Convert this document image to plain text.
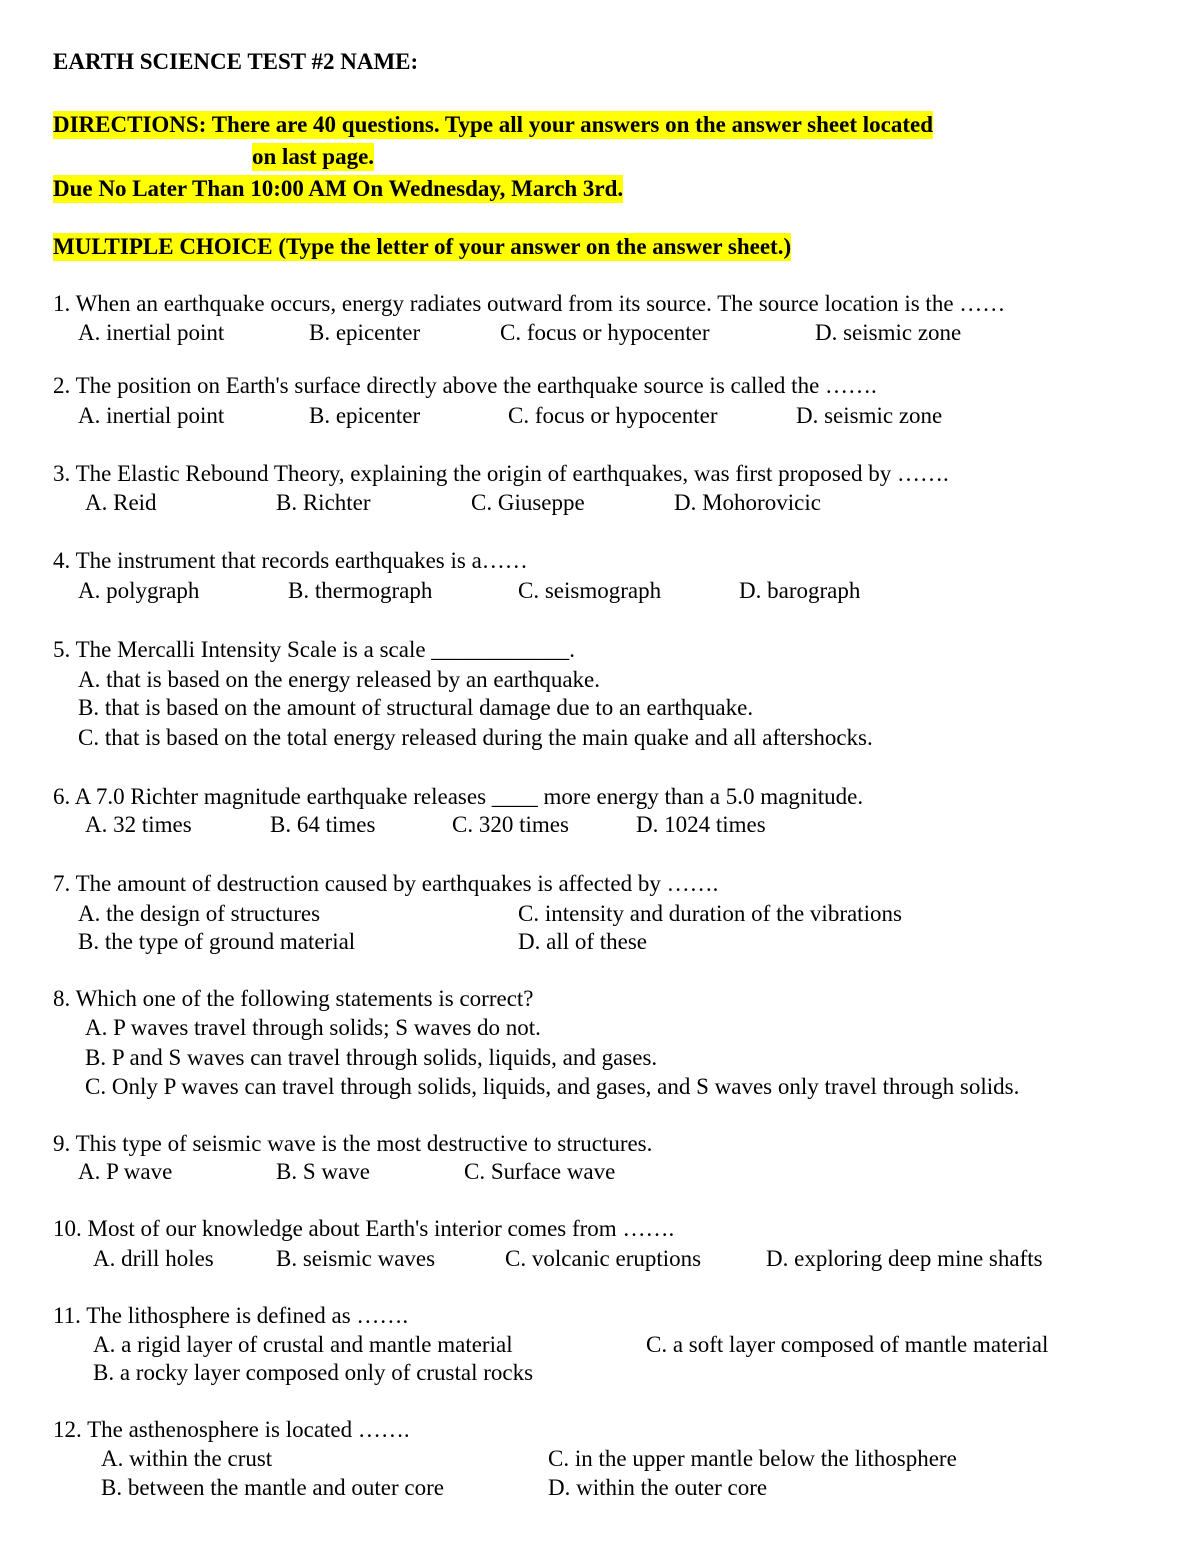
EARTH SCIENCE TEST #2 NAME:
DIRECTIONS: There are 40 questions. Type all your answers on the answer sheet located
on last page.
Due No Later Than 10:00 AM On Wednesday, March 3rd.
MULTIPLE CHOICE (Type the letter of your answer on the answer sheet.)
1. When an earthquake occurs, energy radiates outward from its source. The source location is the ……
A. inertial point	B. epicenter	C. focus or hypocenter	D. seismic zone
2. The position on Earth's surface directly above the earthquake source is called the …….
A. inertial point	B. epicenter	C. focus or hypocenter	D. seismic zone
3. The Elastic Rebound Theory, explaining the origin of earthquakes, was first proposed by …….
A. Reid	B. Richter	C. Giuseppe	D. Mohorovicic
4. The instrument that records earthquakes is a……
A. polygraph	B. thermograph	C. seismograph	D. barograph
5. The Mercalli Intensity Scale is a scale ____________.
A. that is based on the energy released by an earthquake.
B. that is based on the amount of structural damage due to an earthquake.
C. that is based on the total energy released during the main quake and all aftershocks.
6. A 7.0 Richter magnitude earthquake releases ____ more energy than a 5.0 magnitude.
A. 32 times	B. 64 times	C. 320 times	D. 1024 times
7. The amount of destruction caused by earthquakes is affected by …….
A. the design of structures	C. intensity and duration of the vibrations
B. the type of ground material	D. all of these
8. Which one of the following statements is correct?
A. P waves travel through solids; S waves do not.
B. P and S waves can travel through solids, liquids, and gases.
C. Only P waves can travel through solids, liquids, and gases, and S waves only travel through solids.
9. This type of seismic wave is the most destructive to structures.
A. P wave	B. S wave	C. Surface wave
10. Most of our knowledge about Earth's interior comes from …….
A. drill holes	B. seismic waves	C. volcanic eruptions	D. exploring deep mine shafts
11. The lithosphere is defined as …….
A. a rigid layer of crustal and mantle material	C. a soft layer composed of mantle material
B. a rocky layer composed only of crustal rocks
12. The asthenosphere is located …….
A. within the crust	C. in the upper mantle below the lithosphere
B. between the mantle and outer core	D. within the outer core
